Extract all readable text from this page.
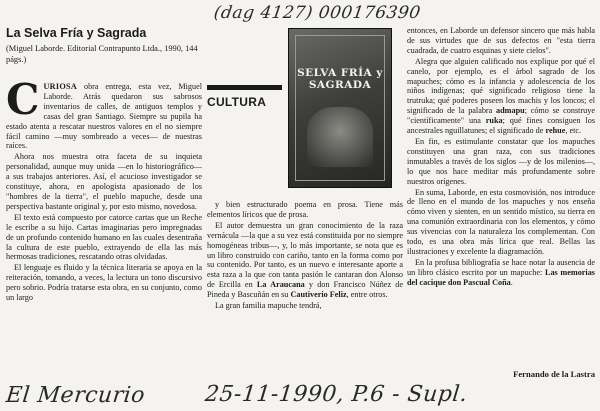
(dag 4127) 000176390
La Selva Fría y Sagrada

(Miguel Laborde. Editorial Contrapunto Ltda., 1990, 144 págs.)

CURIOSA obra entrega, esta vez, Miguel Laborde. Atrás quedaron sus sabrosos inventarios de calles, de antiguos templos y casas del gran Santiago. Siempre su pupila ha estado atenta a rescatar nuestros valores en el no siempre fácil camino —muy sombreado a veces— de nuestras raíces.

Ahora nos muestra otra faceta de su inquieta personalidad, aunque muy unida —en lo historiográfico— a sus trabajos anteriores. Así, el acucioso investigador se constituye, ahora, en apologista apasionado de los "hombres de la tierra", el pueblo mapuche, desde una perspectiva bastante original y, por esto mismo, novedosa.

El texto está compuesto por catorce cartas que un Reche le escribe a su hijo. Cartas imaginarias pero impregnadas de un profundo contenido humano en las cuales desentraña la cultura de este pueblo, extrayendo de ella las más hermosas tradiciones, rescatando otras olvidadas.

El lenguaje es fluido y la técnica literaria se apoya en la reiteración, tomando, a veces, la lectura un tono discursivo pero sobrio. Podría tratarse esta obra, en su conjunto, como un largo

CULTURA
SELVA FRÍA y SAGRADA

y bien estructurado poema en prosa. Tiene más elementos líricos que de prosa.

El autor demuestra un gran conocimiento de la raza vernácula —la que a su vez está constituida por no siempre homogéneas tribus—, y, lo más importante, se nota que es un libro construido con cariño, tanto en la forma como por su contenido. Por tanto, es un nuevo e interesante aporte a esta raza a la que con tanta pasión le cantaran don Alonso de Ercilla en La Araucana y don Francisco Núñez de Pineda y Bascuñán en su Cautiverio Feliz, entre otros.

La gran familia mapuche tendrá,

entonces, en Laborde un defensor sincero que más habla de sus virtudes que de sus defectos en "esta tierra cuadrada, de cuatro esquinas y siete cielos".

Alegra que alguien calificado nos explique por qué el canelo, por ejemplo, es el árbol sagrado de los mapuches; cómo es la infancia y adolescencia de los niños indígenas; qué significado religioso tiene la trutruka; qué poderes poseen los machis y los loncos; el significado de la palabra admapu; cómo se construye "científicamente" una ruka; qué fines consiguen los ancestrales nguillatunes; el significado de rehue, etc.

En fin, es estimulante constatar que los mapuches constituyen una gran raza, con sus tradiciones inmutables a través de los siglos —y de los milenios—, lo que nos hace meditar más profundamente sobre nuestros orígenes.

En suma, Laborde, en esta cosmovisión, nos introduce de lleno en el mundo de los mapuches y nos enseña cómo viven y sienten, en un sentido místico, su tierra en una comunión extraordinaria con los elementos, y cómo sus vivencias con la naturaleza los complementan. Con todo, es una obra más lírica que real. Bellas las ilustraciones y excelente la diagramación.

En la profusa bibliografía se hace notar la ausencia de un libro clásico escrito por un mapuche: Las memorias del cacique don Pascual Coña.

Fernando de la Lastra

El Mercurio	25-11-1990, P.6 - Supl.
